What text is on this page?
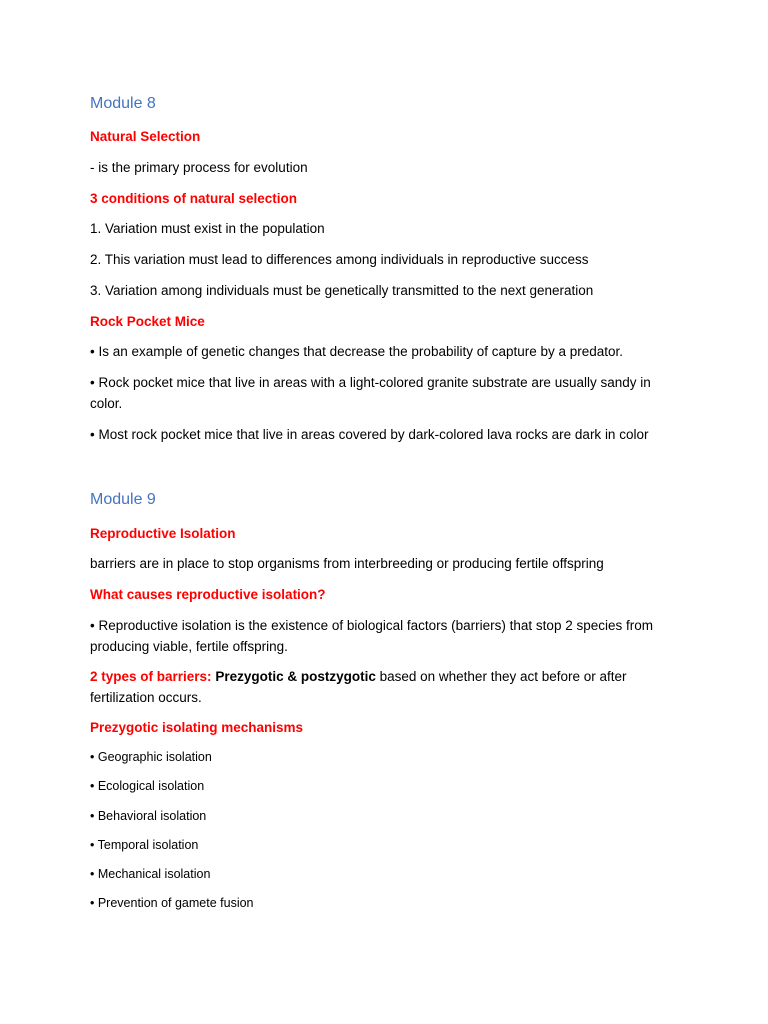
Module 8

Natural Selection

- is the primary process for evolution

3 conditions of natural selection

1. Variation must exist in the population

2. This variation must lead to differences among individuals in reproductive success

3. Variation among individuals must be genetically transmitted to the next generation

Rock Pocket Mice

• Is an example of genetic changes that decrease the probability of capture by a predator.

• Rock pocket mice that live in areas with a light-colored granite substrate are usually sandy in color.

• Most rock pocket mice that live in areas covered by dark-colored lava rocks are dark in color

Module 9

Reproductive Isolation

barriers are in place to stop organisms from interbreeding or producing fertile offspring

What causes reproductive isolation?

• Reproductive isolation is the existence of biological factors (barriers) that stop 2 species from producing viable, fertile offspring.

2 types of barriers: Prezygotic & postzygotic based on whether they act before or after fertilization occurs.

Prezygotic isolating mechanisms

• Geographic isolation

• Ecological isolation

• Behavioral isolation

• Temporal isolation

• Mechanical isolation

• Prevention of gamete fusion
